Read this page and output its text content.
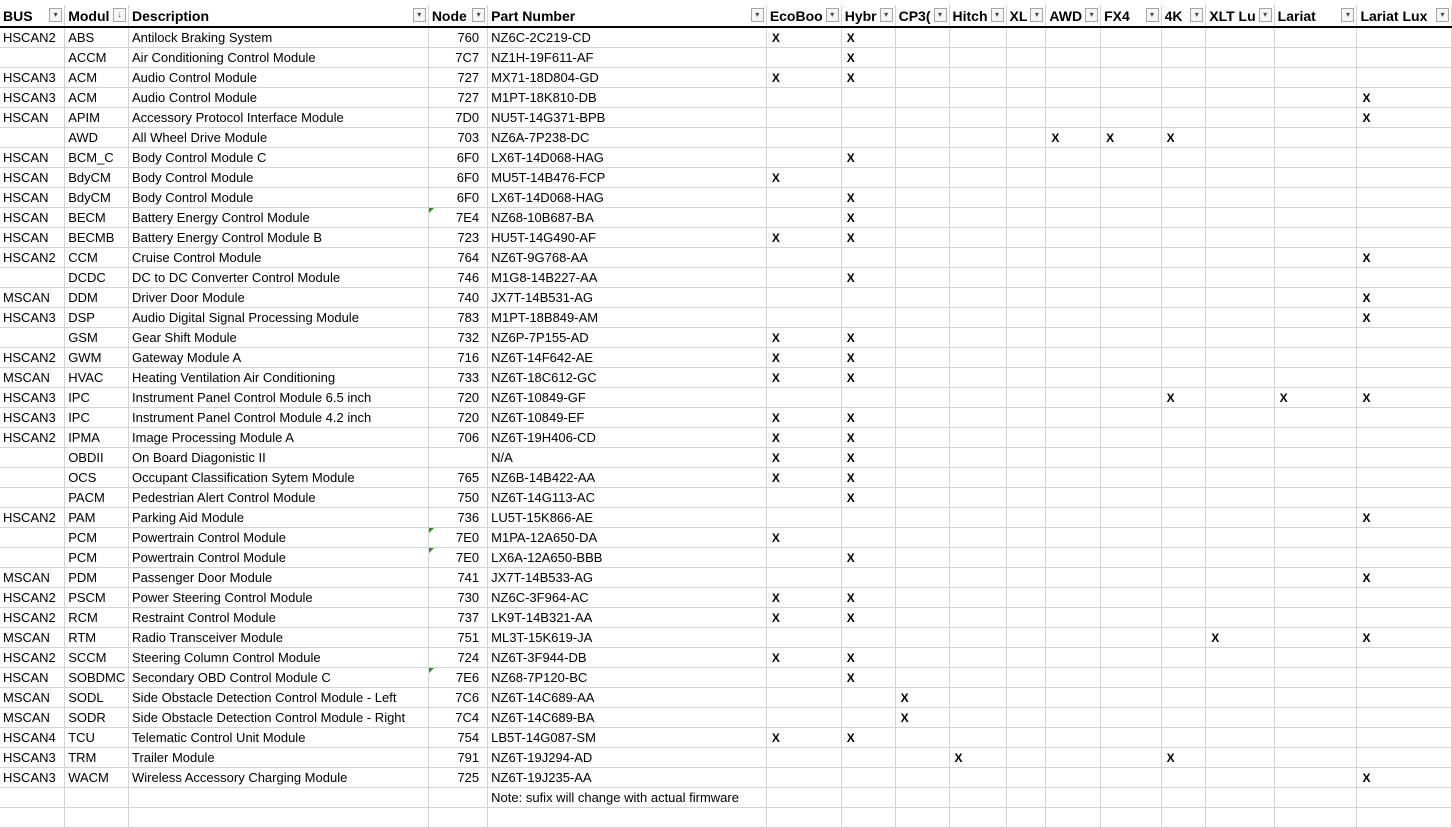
BUS ▾	Modul ↓	Description ▾	Node ▾	Part Number ▾	EcoBoo ▾	Hybr ▾	CP3( ▾	Hitch ▾	XL ▾	AWD ▾	FX4 ▾	4K ▾	XLT Lu ▾	Lariat ▾	Lariat Lux ▾

HSCAN2	ABS	Antilock Braking System	760	NZ6C-2C219-CD	X	X									
	ACCM	Air Conditioning Control Module	7C7	NZ1H-19F611-AF		X									
HSCAN3	ACM	Audio Control Module	727	MX71-18D804-GD	X	X									
HSCAN3	ACM	Audio Control Module	727	M1PT-18K810-DB											X
HSCAN	APIM	Accessory Protocol Interface Module	7D0	NU5T-14G371-BPB											X
	AWD	All Wheel Drive Module	703	NZ6A-7P238-DC						X	X	X			
HSCAN	BCM_C	Body Control Module C	6F0	LX6T-14D068-HAG		X									
HSCAN	BdyCM	Body Control Module	6F0	MU5T-14B476-FCP	X										
HSCAN	BdyCM	Body Control Module	6F0	LX6T-14D068-HAG		X									
HSCAN	BECM	Battery Energy Control Module	7E4	NZ68-10B687-BA		X									
HSCAN	BECMB	Battery Energy Control Module B	723	HU5T-14G490-AF	X	X									
HSCAN2	CCM	Cruise Control Module	764	NZ6T-9G768-AA											X
	DCDC	DC to DC Converter Control Module	746	M1G8-14B227-AA		X									
MSCAN	DDM	Driver Door Module	740	JX7T-14B531-AG											X
HSCAN3	DSP	Audio Digital Signal Processing Module	783	M1PT-18B849-AM											X
	GSM	Gear Shift Module	732	NZ6P-7P155-AD	X	X									
HSCAN2	GWM	Gateway Module A	716	NZ6T-14F642-AE	X	X									
MSCAN	HVAC	Heating Ventilation Air Conditioning	733	NZ6T-18C612-GC	X	X									
HSCAN3	IPC	Instrument Panel Control Module 6.5 inch	720	NZ6T-10849-GF								X		X	X
HSCAN3	IPC	Instrument Panel Control Module 4.2 inch	720	NZ6T-10849-EF	X	X									
HSCAN2	IPMA	Image Processing Module A	706	NZ6T-19H406-CD	X	X									
	OBDII	On Board Diagonistic II		N/A	X	X									
	OCS	Occupant Classification Sytem Module	765	NZ6B-14B422-AA	X	X									
	PACM	Pedestrian Alert Control Module	750	NZ6T-14G113-AC		X									
HSCAN2	PAM	Parking Aid Module	736	LU5T-15K866-AE											X
	PCM	Powertrain Control Module	7E0	M1PA-12A650-DA	X										
	PCM	Powertrain Control Module	7E0	LX6A-12A650-BBB		X									
MSCAN	PDM	Passenger Door Module	741	JX7T-14B533-AG											X
HSCAN2	PSCM	Power Steering Control Module	730	NZ6C-3F964-AC	X	X									
HSCAN2	RCM	Restraint Control Module	737	LK9T-14B321-AA	X	X									
MSCAN	RTM	Radio Transceiver Module	751	ML3T-15K619-JA									X		X
HSCAN2	SCCM	Steering Column Control Module	724	NZ6T-3F944-DB	X	X									
HSCAN	SOBDMC	Secondary OBD Control Module C	7E6	NZ68-7P120-BC		X									
MSCAN	SODL	Side Obstacle Detection Control Module - Left	7C6	NZ6T-14C689-AA			X								
MSCAN	SODR	Side Obstacle Detection Control Module - Right	7C4	NZ6T-14C689-BA			X								
HSCAN4	TCU	Telematic Control Unit Module	754	LB5T-14G087-SM	X	X									
HSCAN3	TRM	Trailer Module	791	NZ6T-19J294-AD				X				X			
HSCAN3	WACM	Wireless Accessory Charging Module	725	NZ6T-19J235-AA											X
				Note: sufix will change with actual firmware											
